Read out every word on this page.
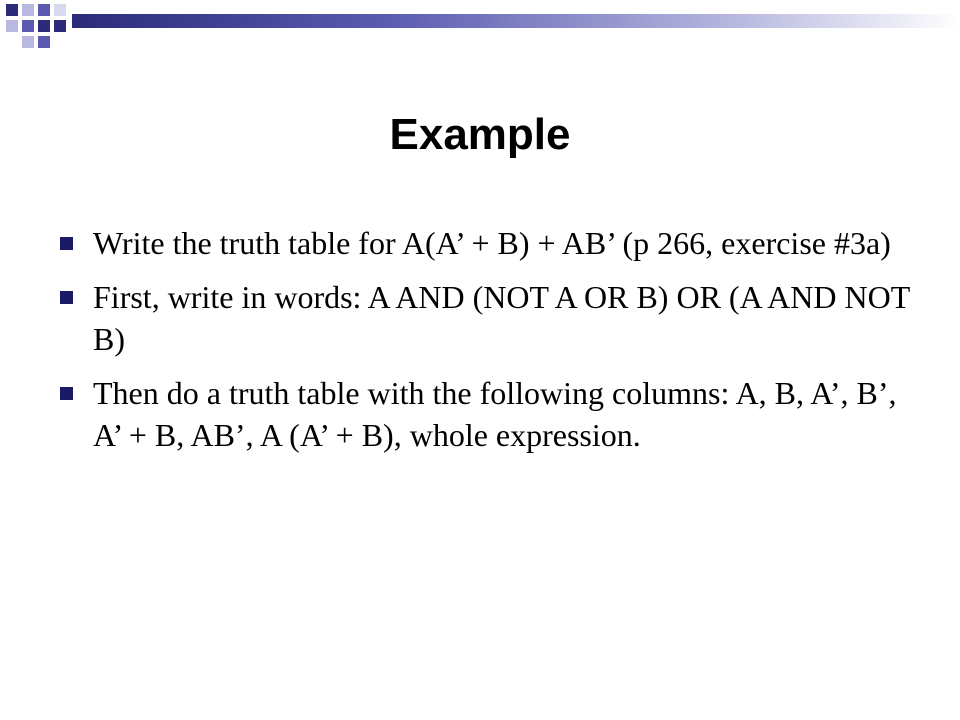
Example
Write the truth table for A(A’ + B) + AB’ (p 266, exercise #3a)
First, write in words: A AND (NOT A OR B) OR (A AND NOT B)
Then do a truth table with the following columns: A, B, A’, B’, A’ + B, AB’, A (A’ + B), whole expression.
